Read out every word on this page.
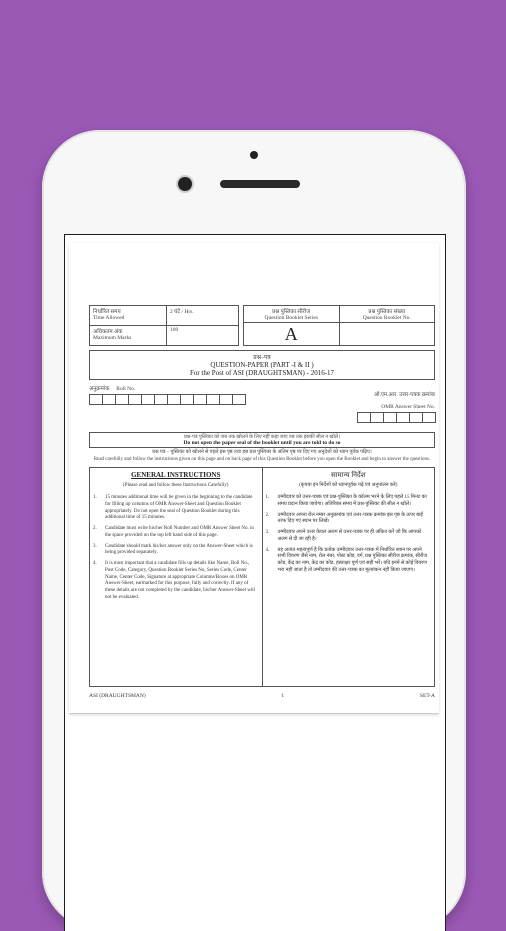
निर्धारित समय
Time Allowed	2 घंटे / Hrs.
अधिकतम अंक
Maximum Marks	100
प्रश्न पुस्तिका सीरीज
Question Booklet Series
A
प्रश्न पुस्तिका संख्या
Question Booklet No.
प्रश्न–पत्र
QUESTION-PAPER (PART -I & II )
For the Post of ASI (DRAUGHTSMAN) - 2016-17
अनुक्रमांक Roll No.

ओ.एम.आर. उत्तर-पत्रक क्रमांक

OMR Answer Sheet No.

प्रश्न-पत्र पुस्तिका को जब तक खोलने के लिए नहीं कहा जाए तब तक इसकी सील न खोलें।
Do not open the paper seal of the booklet until you are told to do so
प्रश्न पत्र – पुस्तिका को खोलने से पहले इस पृष्ठ तथा इस प्रश्न पुस्तिका के अंतिम पृष्ठ पर दिए गए अनुदेशों को ध्यान पूर्वक पढ़िए।
Read carefully and follow the instructions given on this page and on back page of this Question Booklet before you open the Booklet and begin to answer the questions.
GENERAL INSTRUCTIONS
(Please read and follow these Instructions Carefully)
1.	15 minutes additional time will be given in the beginning to the candidate for filling up columns of OMR Answer-Sheet and Question Booklet appropriately. Do not open the seal of Question Booklet during this additional time of 15 minutes.

2.	Candidate must write his/her Roll Number and OMR Answer Sheet No. in the space provided on the top left hand side of this page.

3.	Candidate should mark his/her answer only on the Answer-Sheet which is being provided separately.

4.	It is most important that a candidate fills up details like Name, Roll No., Post Code, Category, Question Booklet Series No, Series Code, Center Name, Center Code, Signature at appropriate Columns/Boxes on OMR Answer-Sheet, earmarked for this purpose, fully and correctly. If any of these details are not completed by the candidate, his/her Answer-Sheet will not be evaluated.

सामान्य निर्देश
(कृपया इन निर्देशों को ध्यानपूर्वक पढ़ें एवं अनुपालन करें)
1.	उम्मीदवार को उत्तर-पत्रक एवं प्रश्न-पुस्तिका के कॉलम भरने के लिए पहले 15 मिनट का समय प्रदान किया जायेगा। अतिरिक्त समय में प्रश्न-पुस्तिका की सील न खोलें।

2.	उम्मीदवार अपना रोल नम्बर अनुक्रमांक एवं उत्तर-पत्रक क्रमांक इस पृष्ठ के ऊपर बाईं तरफ दिए गए स्थान पर लिखें।

3.	उम्मीदवार अपने उत्तर केवल अलग से उत्तर-पत्रक पर ही अंकित करें जो कि आपको अलग से दी जा रही है।

4.	यह अत्यंत महत्वपूर्ण है कि प्रत्येक उम्मीदवार उत्तर-पत्रक में निर्धारित स्थान पर अपने सभी विवरण जैसे नाम, रोल नंबर, पोस्ट कोड, वर्ग, प्रश्न पुस्तिका सीरीज क्रमांक, सीरीज कोड, केंद्र का नाम, केंद्र का कोड, हस्ताक्षर पूर्ण एवं सही भरें। यदि इनमें से कोई विवरण भरा नहीं जाता है तो उम्मीदवार की उत्तर-पत्रक का मूल्यांकन नहीं किया जाएगा।

ASI (DRAUGHTSMAN)	1	SET-A
